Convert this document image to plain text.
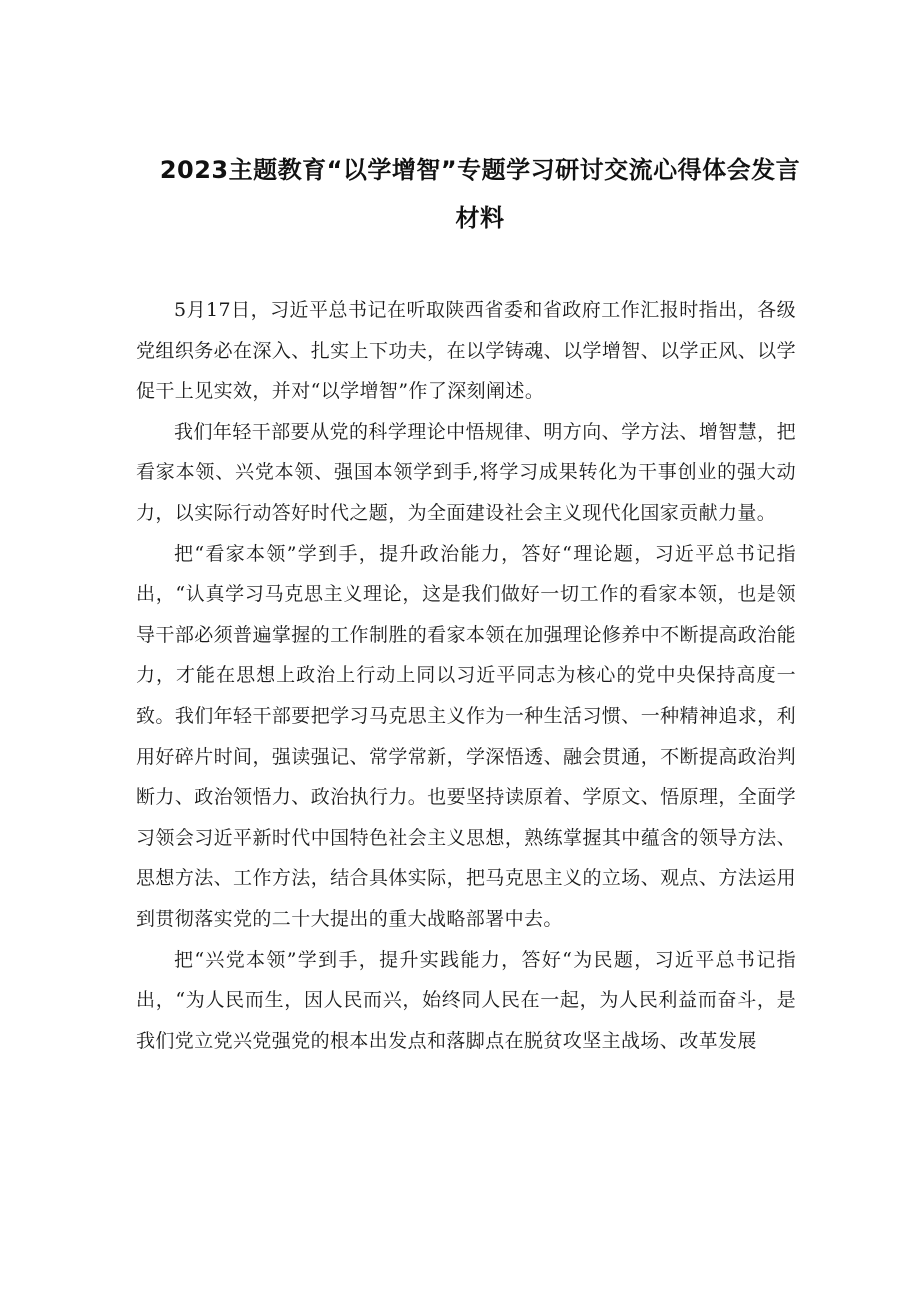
2023主题教育“以学增智”专题学习研讨交流心得体会发言材料

5月17日，习近平总书记在听取陕西省委和省政府工作汇报时指出，各级党组织务必在深入、扎实上下功夫，在以学铸魂、以学增智、以学正风、以学促干上见实效，并对“以学增智”作了深刻阐述。

我们年轻干部要从党的科学理论中悟规律、明方向、学方法、增智慧，把看家本领、兴党本领、强国本领学到手,将学习成果转化为干事创业的强大动力，以实际行动答好时代之题，为全面建设社会主义现代化国家贡献力量。

把“看家本领”学到手，提升政治能力，答好“理论题，习近平总书记指出，“认真学习马克思主义理论，这是我们做好一切工作的看家本领，也是领导干部必须普遍掌握的工作制胜的看家本领在加强理论修养中不断提高政治能力，才能在思想上政治上行动上同以习近平同志为核心的党中央保持高度一致。我们年轻干部要把学习马克思主义作为一种生活习惯、一种精神追求，利用好碎片时间，强读强记、常学常新，学深悟透、融会贯通，不断提高政治判断力、政治领悟力、政治执行力。也要坚持读原着、学原文、悟原理，全面学习领会习近平新时代中国特色社会主义思想，熟练掌握其中蕴含的领导方法、思想方法、工作方法，结合具体实际，把马克思主义的立场、观点、方法运用到贯彻落实党的二十大提出的重大战略部署中去。

把“兴党本领”学到手，提升实践能力，答好“为民题，习近平总书记指出，“为人民而生，因人民而兴，始终同人民在一起，为人民利益而奋斗，是我们党立党兴党强党的根本出发点和落脚点在脱贫攻坚主战场、改革发展
